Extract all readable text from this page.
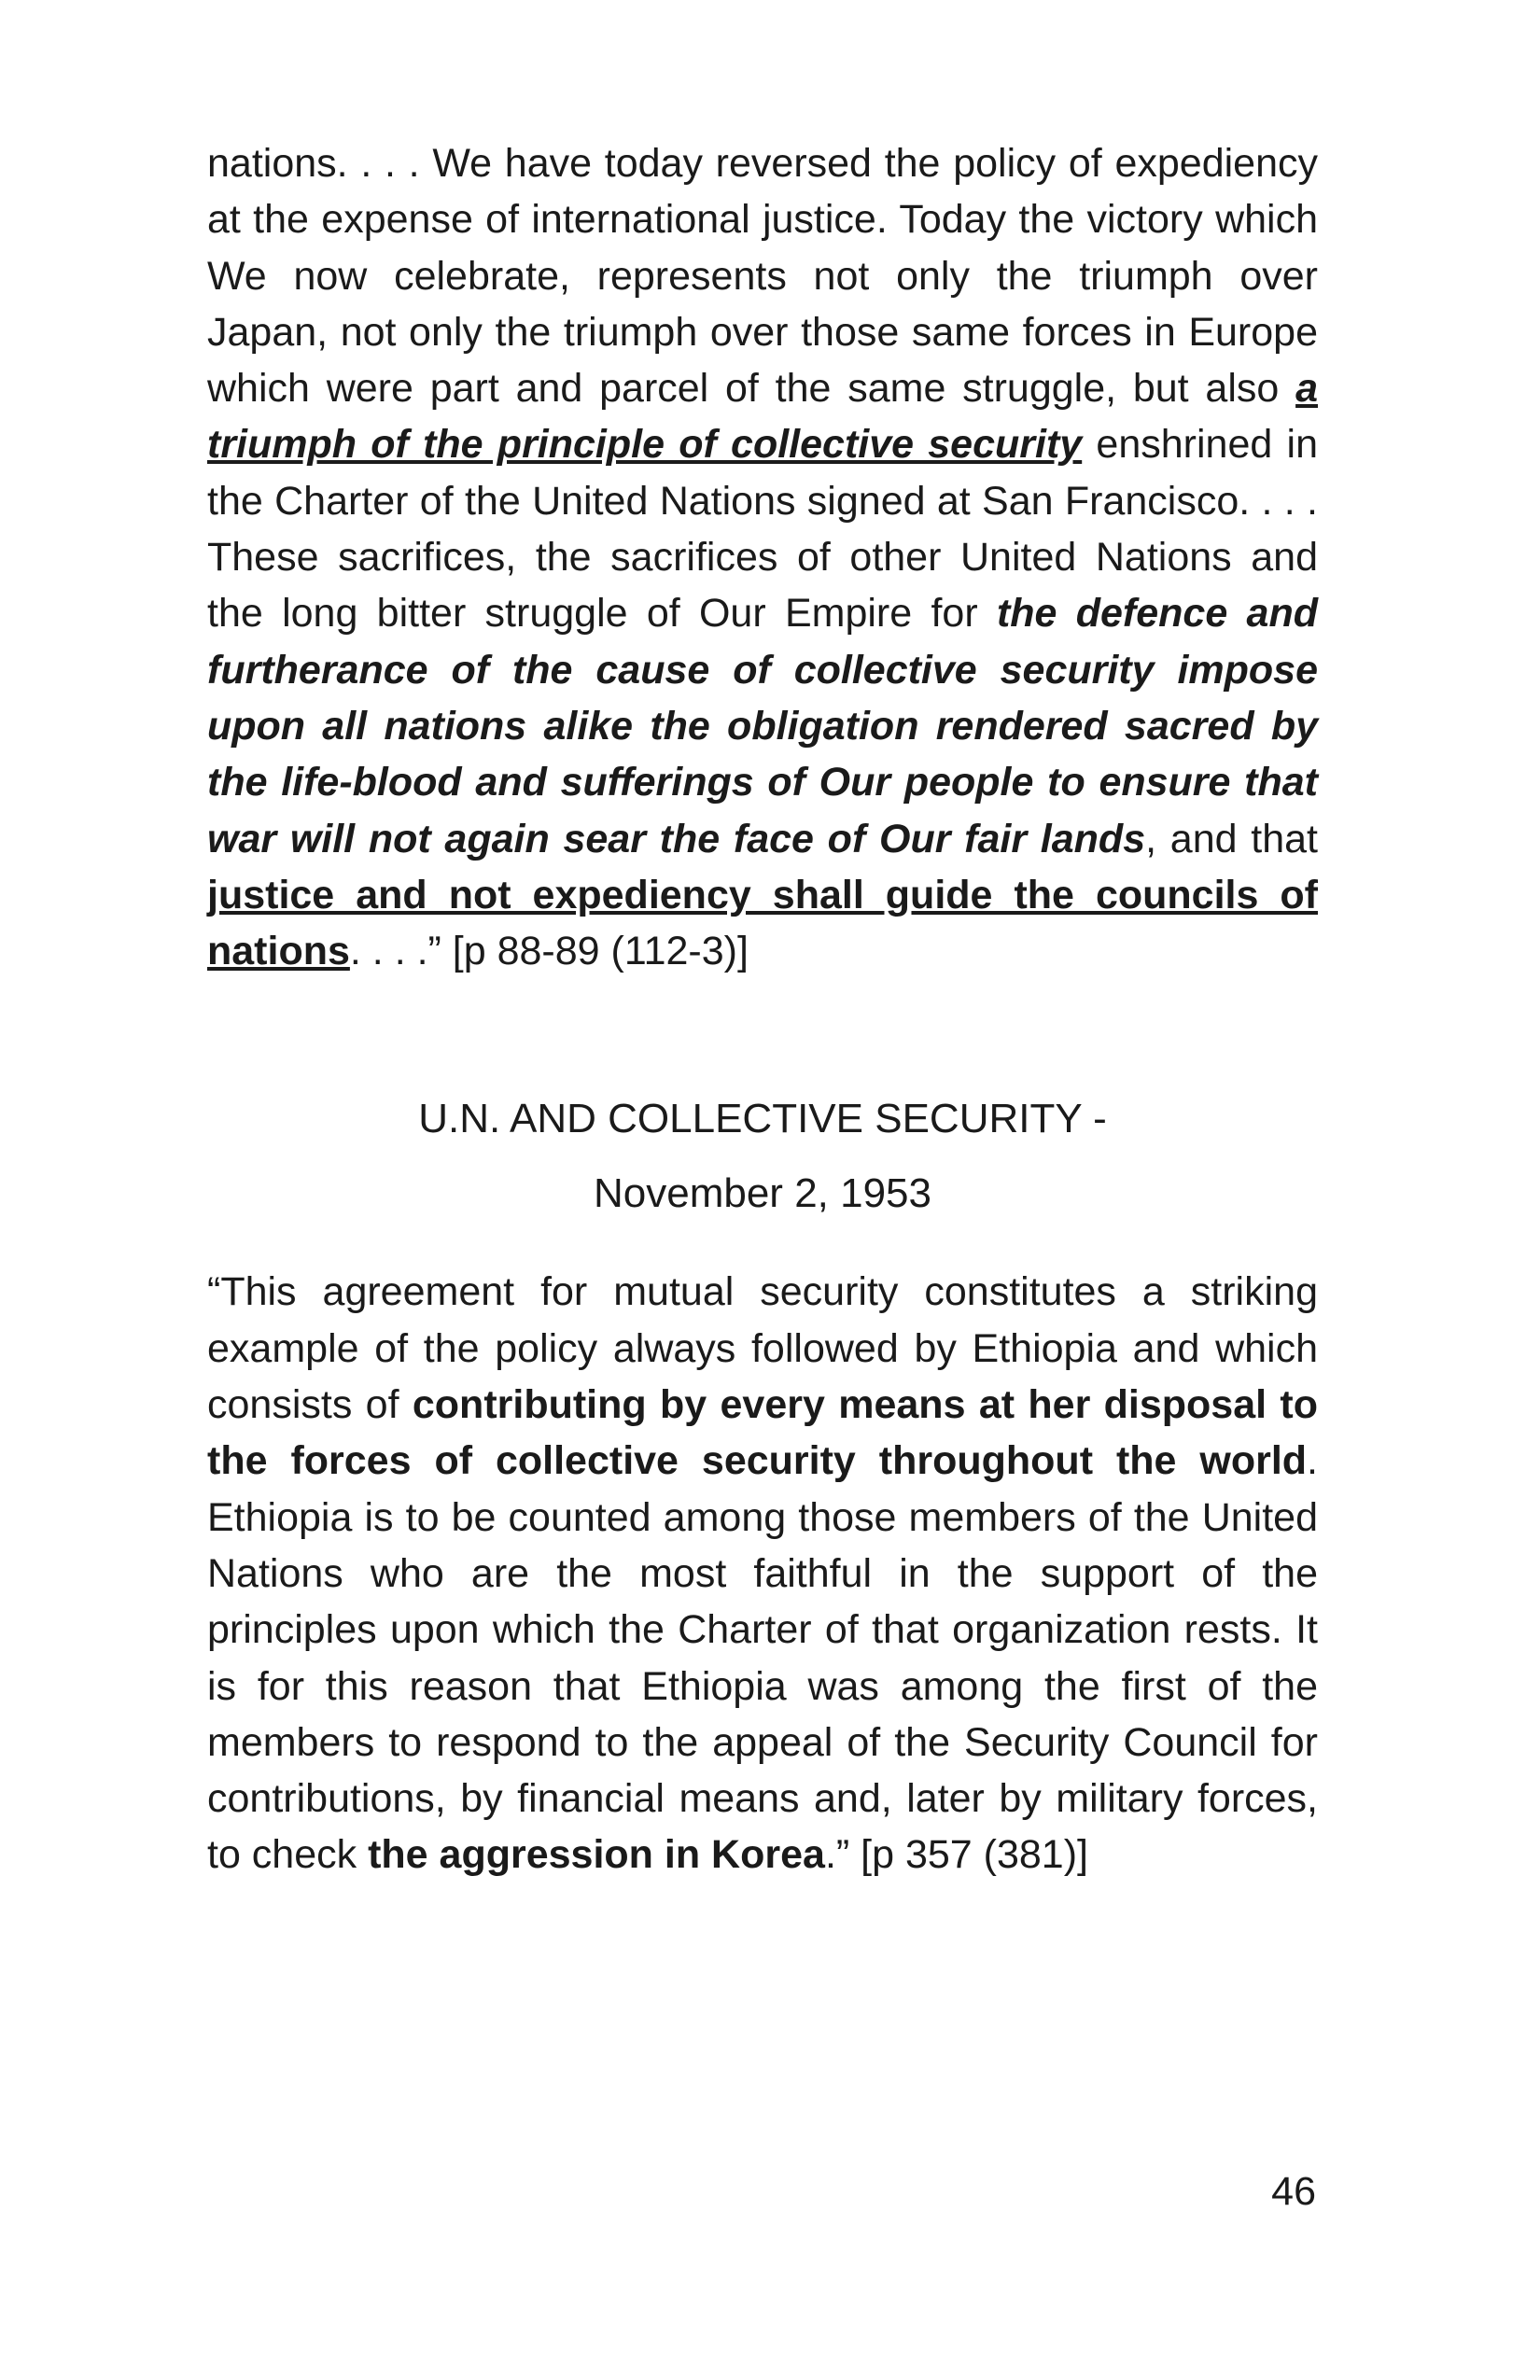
nations. . . . We have today reversed the policy of expediency at the expense of international justice. Today the victory which We now celebrate, represents not only the triumph over Japan, not only the triumph over those same forces in Europe which were part and parcel of the same struggle, but also a triumph of the principle of collective security enshrined in the Charter of the United Nations signed at San Francisco. . . . These sacrifices, the sacrifices of other United Nations and the long bitter struggle of Our Empire for the defence and furtherance of the cause of collective security impose upon all nations alike the obligation rendered sacred by the life-blood and sufferings of Our people to ensure that war will not again sear the face of Our fair lands, and that justice and not expediency shall guide the councils of nations. . . .” [p 88-89 (112-3)]

U.N. AND COLLECTIVE SECURITY -
November 2, 1953

“This agreement for mutual security constitutes a striking example of the policy always followed by Ethiopia and which consists of contributing by every means at her disposal to the forces of collective security throughout the world. Ethiopia is to be counted among those members of the United Nations who are the most faithful in the support of the principles upon which the Charter of that organization rests. It is for this reason that Ethiopia was among the first of the members to respond to the appeal of the Security Council for contributions, by financial means and, later by military forces, to check the aggression in Korea.” [p 357 (381)]

46
